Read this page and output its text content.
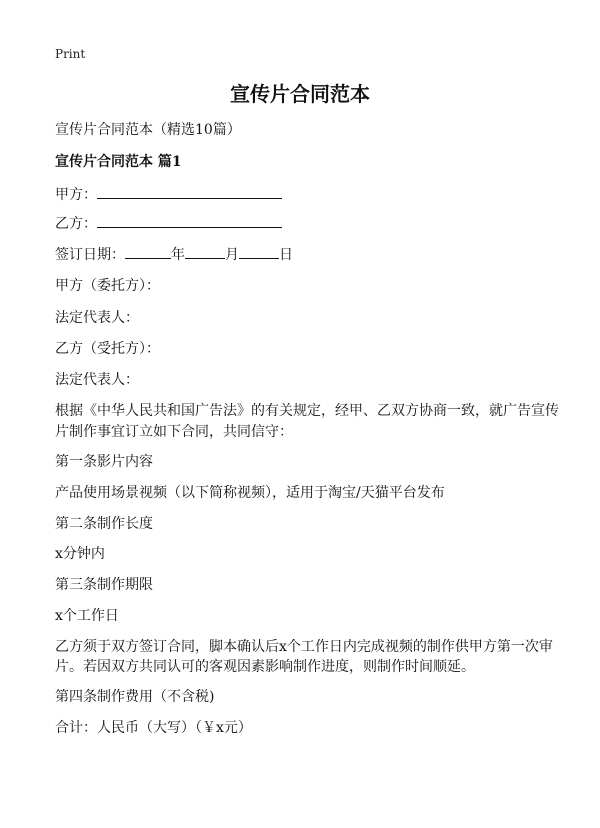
Print
宣传片合同范本
宣传片合同范本（精选10篇）
宣传片合同范本 篇1
甲方：
乙方：
签订日期：	年	月	日
甲方（委托方）：
法定代表人：
乙方（受托方）：
法定代表人：
根据《中华人民共和国广告法》的有关规定，经甲、乙双方协商一致，就广告宣传
片制作事宜订立如下合同，共同信守：
第一条影片内容
产品使用场景视频（以下简称视频），适用于淘宝/天猫平台发布
第二条制作长度
x分钟内
第三条制作期限
x个工作日
乙方须于双方签订合同，脚本确认后x个工作日内完成视频的制作供甲方第一次审
片。若因双方共同认可的客观因素影响制作进度，则制作时间顺延。
第四条制作费用（不含税)
合计：人民币（大写）（￥x元）
